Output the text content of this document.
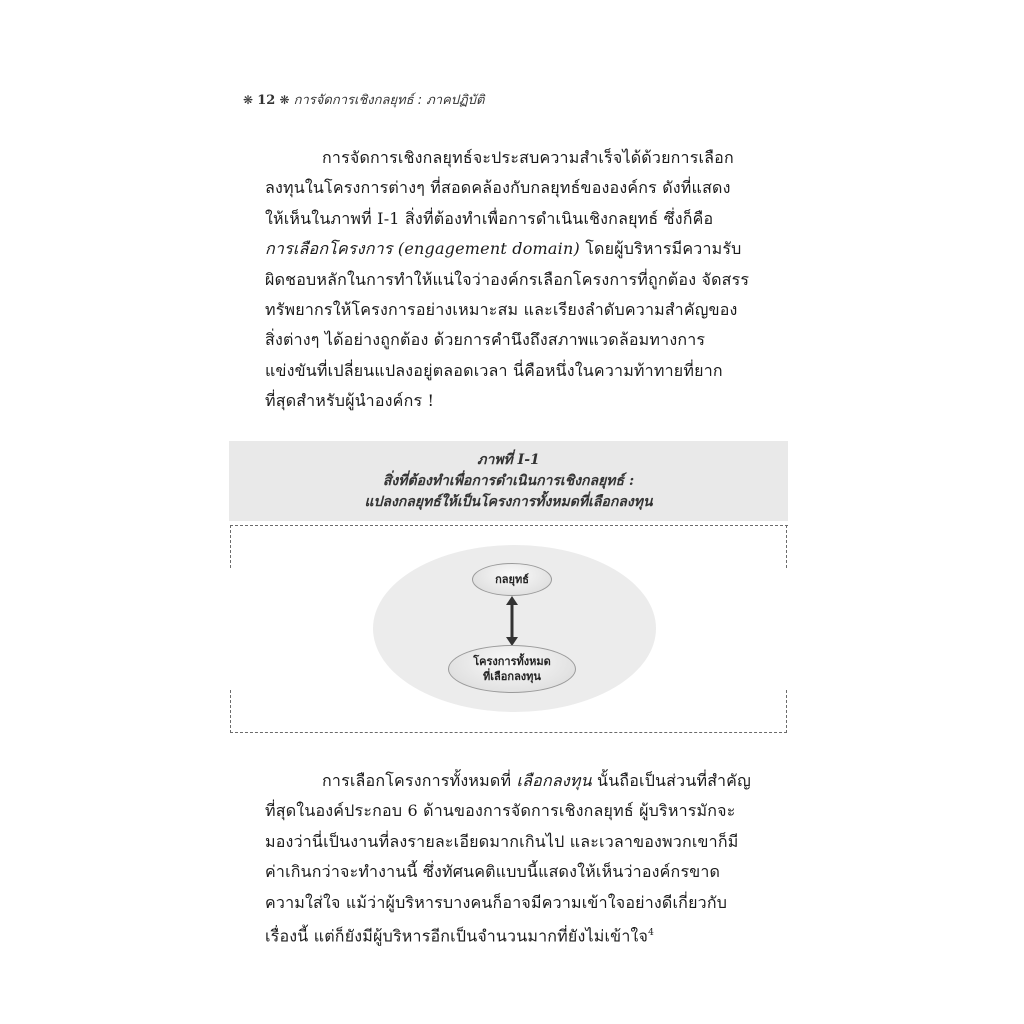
❋ 12 ❋ การจัดการเชิงกลยุทธ์ : ภาคปฏิบัติ
การจัดการเชิงกลยุทธ์จะประสบความสำเร็จได้ด้วยการเลือก
ลงทุนในโครงการต่างๆ ที่สอดคล้องกับกลยุทธ์ขององค์กร ดังที่แสดง
ให้เห็นในภาพที่ I-1 สิ่งที่ต้องทำเพื่อการดำเนินเชิงกลยุทธ์ ซึ่งก็คือ
การเลือกโครงการ (engagement domain) โดยผู้บริหารมีความรับ
ผิดชอบหลักในการทำให้แน่ใจว่าองค์กรเลือกโครงการที่ถูกต้อง จัดสรร
ทรัพยากรให้โครงการอย่างเหมาะสม และเรียงลำดับความสำคัญของ
สิ่งต่างๆ ได้อย่างถูกต้อง ด้วยการคำนึงถึงสภาพแวดล้อมทางการ
แข่งขันที่เปลี่ยนแปลงอยู่ตลอดเวลา นี่คือหนึ่งในความท้าทายที่ยาก
ที่สุดสำหรับผู้นำองค์กร !
ภาพที่ I-1
สิ่งที่ต้องทำเพื่อการดำเนินการเชิงกลยุทธ์ :
แปลงกลยุทธ์ให้เป็นโครงการทั้งหมดที่เลือกลงทุน
กลยุทธ์
โครงการทั้งหมด
ที่เลือกลงทุน
การเลือกโครงการทั้งหมดที่ เลือกลงทุน นั้นถือเป็นส่วนที่สำคัญ
ที่สุดในองค์ประกอบ 6 ด้านของการจัดการเชิงกลยุทธ์ ผู้บริหารมักจะ
มองว่านี่เป็นงานที่ลงรายละเอียดมากเกินไป และเวลาของพวกเขาก็มี
ค่าเกินกว่าจะทำงานนี้ ซึ่งทัศนคติแบบนี้แสดงให้เห็นว่าองค์กรขาด
ความใส่ใจ แม้ว่าผู้บริหารบางคนก็อาจมีความเข้าใจอย่างดีเกี่ยวกับ
เรื่องนี้ แต่ก็ยังมีผู้บริหารอีกเป็นจำนวนมากที่ยังไม่เข้าใจ$^4$
